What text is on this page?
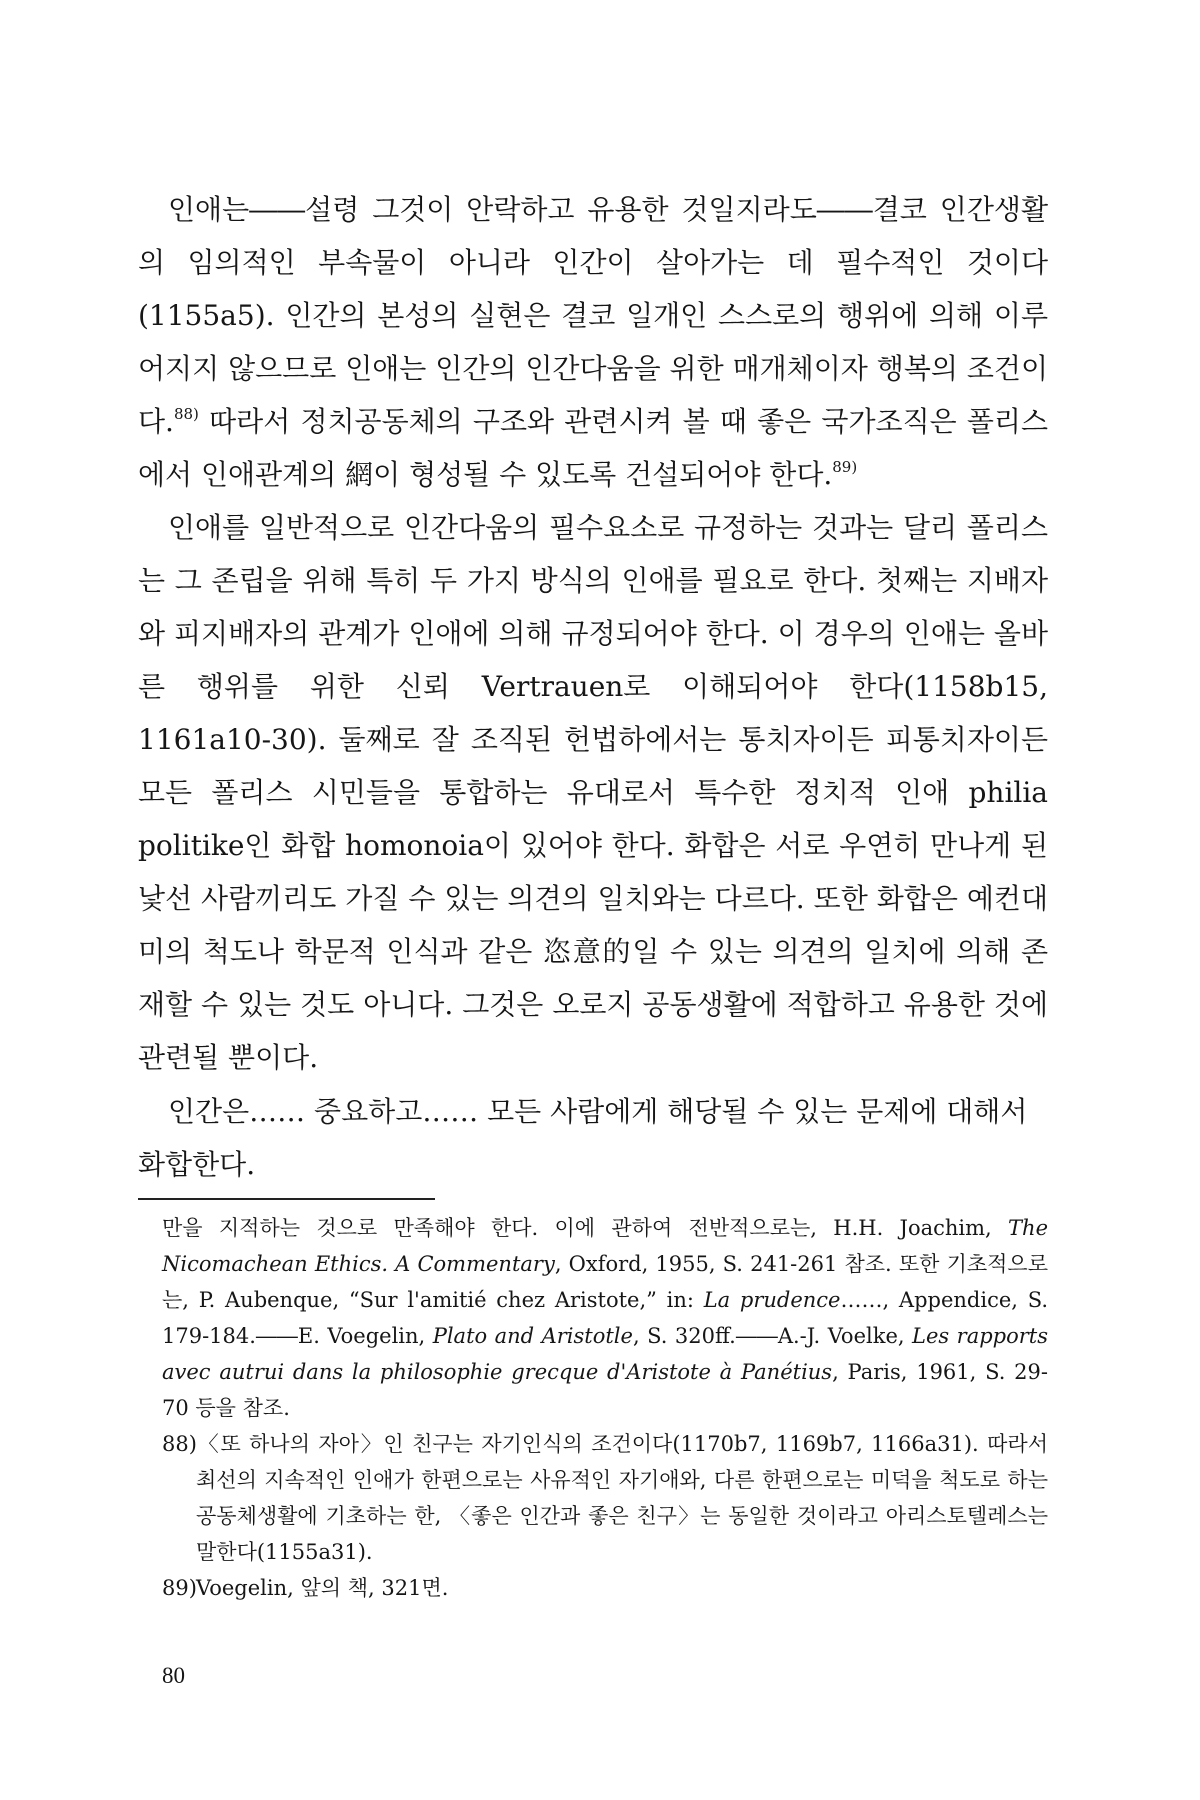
인애는――설령 그것이 안락하고 유용한 것일지라도――결코 인간생활의 임의적인 부속물이 아니라 인간이 살아가는 데 필수적인 것이다(1155a5). 인간의 본성의 실현은 결코 일개인 스스로의 행위에 의해 이루어지지 않으므로 인애는 인간의 인간다움을 위한 매개체이자 행복의 조건이다.$^{88)}$ 따라서 정치공동체의 구조와 관련시켜 볼 때 좋은 국가조직은 폴리스에서 인애관계의 網이 형성될 수 있도록 건설되어야 한다.$^{89)}$

인애를 일반적으로 인간다움의 필수요소로 규정하는 것과는 달리 폴리스는 그 존립을 위해 특히 두 가지 방식의 인애를 필요로 한다. 첫째는 지배자와 피지배자의 관계가 인애에 의해 규정되어야 한다. 이 경우의 인애는 올바른 행위를 위한 신뢰 Vertrauen로 이해되어야 한다(1158b15, 1161a10-30). 둘째로 잘 조직된 헌법하에서는 통치자이든 피통치자이든 모든 폴리스 시민들을 통합하는 유대로서 특수한 정치적 인애 philia politike인 화합 homonoia이 있어야 한다. 화합은 서로 우연히 만나게 된 낯선 사람끼리도 가질 수 있는 의견의 일치와는 다르다. 또한 화합은 예컨대 미의 척도나 학문적 인식과 같은 恣意的일 수 있는 의견의 일치에 의해 존재할 수 있는 것도 아니다. 그것은 오로지 공동생활에 적합하고 유용한 것에 관련될 뿐이다.

인간은…… 중요하고…… 모든 사람에게 해당될 수 있는 문제에 대해서
화합한다.

만을 지적하는 것으로 만족해야 한다. 이에 관하여 전반적으로는, H.H. Joachim, The Nicomachean Ethics. A Commentary, Oxford, 1955, S. 241-261 참조. 또한 기초적으로는, P. Aubenque, “Sur l'amitié chez Aristote,” in: La prudence……, Appendice, S. 179-184.――E. Voegelin, Plato and Aristotle, S. 320ff.――A.-J. Voelke, Les rapports avec autrui dans la philosophie grecque d'Aristote à Panétius, Paris, 1961, S. 29-70 등을 참조.

88)〈또 하나의 자아〉인 친구는 자기인식의 조건이다(1170b7, 1169b7, 1166a31). 따라서 최선의 지속적인 인애가 한편으로는 사유적인 자기애와, 다른 한편으로는 미덕을 척도로 하는 공동체생활에 기초하는 한, 〈좋은 인간과 좋은 친구〉는 동일한 것이라고 아리스토텔레스는 말한다(1155a31).

89)Voegelin, 앞의 책, 321면.

80
